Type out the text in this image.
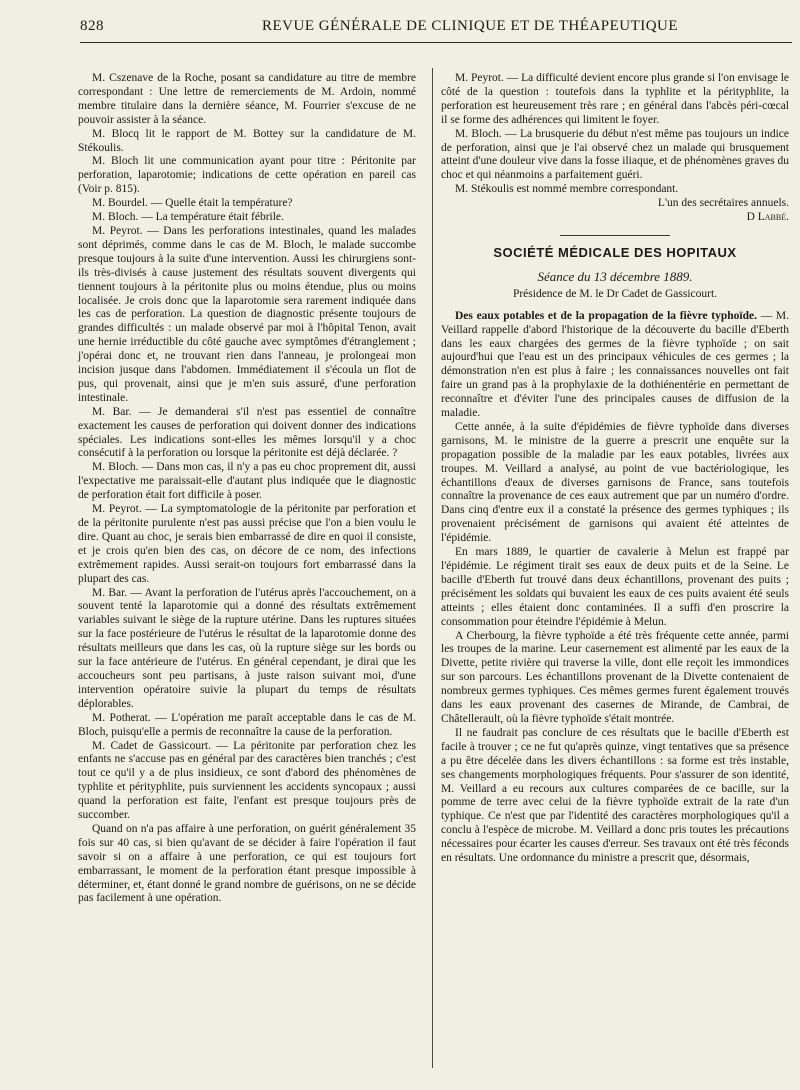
828	REVUE GÉNÉRALE DE CLINIQUE ET DE THÉAPEUTIQUE

M. Cszenave de la Roche, posant sa candidature au titre de membre correspondant : Une lettre de remerciements de M. Ardoin, nommé membre titulaire dans la dernière séance, M. Fourrier s'excuse de ne pouvoir assister à la séance.

M. Blocq lit le rapport de M. Bottey sur la candidature de M. Stékoulis.

M. Bloch lit une communication ayant pour titre : Péritonite par perforation, laparotomie; indications de cette opération en pareil cas (Voir p. 815).

M. Bourdel. — Quelle était la température?

M. Bloch. — La température était fébrile.

M. Peyrot. — Dans les perforations intestinales, quand les malades sont déprimés, comme dans le cas de M. Bloch, le malade succombe presque toujours à la suite d'une intervention. Aussi les chirurgiens sont-ils très-divisés à cause justement des résultats souvent divergents qui tiennent toujours à la péritonite plus ou moins étendue, plus ou moins localisée. Je crois donc que la laparotomie sera rarement indiquée dans les cas de perforation. La question de diagnostic présente toujours de grandes difficultés : un malade observé par moi à l'hôpital Tenon, avait une hernie irréductible du côté gauche avec symptômes d'étranglement ; j'opérai donc et, ne trouvant rien dans l'anneau, je prolongeai mon incision jusque dans l'abdomen. Immédiatement il s'écoula un flot de pus, qui provenait, ainsi que je m'en suis assuré, d'une perforation intestinale.

M. Bar. — Je demanderai s'il n'est pas essentiel de connaître exactement les causes de perforation qui doivent donner des indications spéciales. Les indications sont-elles les mêmes lorsqu'il y a choc consécutif à la perforation ou lorsque la péritonite est déjà déclarée. ?

M. Bloch. — Dans mon cas, il n'y a pas eu choc proprement dit, aussi l'expectative me paraissait-elle d'autant plus indiquée que le diagnostic de perforation était fort difficile à poser.

M. Peyrot. — La symptomatologie de la péritonite par perforation et de la péritonite purulente n'est pas aussi précise que l'on a bien voulu le dire. Quant au choc, je serais bien embarrassé de dire en quoi il consiste, et je crois qu'en bien des cas, on décore de ce nom, des infections extrêmement rapides. Aussi serait-on toujours fort embarrassé dans la plupart des cas.

M. Bar. — Avant la perforation de l'utérus après l'accouchement, on a souvent tenté la laparotomie qui a donné des résultats extrêmement variables suivant le siège de la rupture utérine. Dans les ruptures situées sur la face postérieure de l'utérus le résultat de la laparotomie donne des résultats meilleurs que dans les cas, où la rupture siège sur les bords ou sur la face antérieure de l'utérus. En général cependant, je dirai que les accoucheurs sont peu partisans, à juste raison suivant moi, d'une intervention opératoire suivie la plupart du temps de résultats déplorables.

M. Potherat. — L'opération me paraît acceptable dans le cas de M. Bloch, puisqu'elle a permis de reconnaître la cause de la perforation.

M. Cadet de Gassicourt. — La péritonite par perforation chez les enfants ne s'accuse pas en général par des caractères bien tranchés ; c'est tout ce qu'il y a de plus insidieux, ce sont d'abord des phénomènes de typhlite et pérityphlite, puis surviennent les accidents syncopaux ; aussi quand la perforation est faite, l'enfant est presque toujours près de succomber.

Quand on n'a pas affaire à une perforation, on guérit généralement 35 fois sur 40 cas, si bien qu'avant de se décider à faire l'opération il faut savoir si on a affaire à une perforation, ce qui est toujours fort embarrassant, le moment de la perforation étant presque impossible à déterminer, et, étant donné le grand nombre de guérisons, on ne se décide pas facilement à une opération.

M. Peyrot. — La difficulté devient encore plus grande si l'on envisage le côté de la question : toutefois dans la typhlite et la pérityphlite, la perforation est heureusement très rare ; en général dans l'abcès péri-cœcal il se forme des adhérences qui limitent le foyer.

M. Bloch. — La brusquerie du début n'est même pas toujours un indice de perforation, ainsi que je l'ai observé chez un malade qui brusquement atteint d'une douleur vive dans la fosse iliaque, et de phénomènes graves du choc et qui néanmoins a parfaitement guéri.

M. Stékoulis est nommé membre correspondant.

L'un des secrétaires annuels.

D Labbé.

SOCIÉTÉ MÉDICALE DES HOPITAUX
Séance du 13 décembre 1889.
Présidence de M. le Dr Cadet de Gassicourt.

Des eaux potables et de la propagation de la fièvre typhoïde. — M. Veillard rappelle d'abord l'historique de la découverte du bacille d'Eberth dans les eaux chargées des germes de la fièvre typhoïde ; on sait aujourd'hui que l'eau est un des principaux véhicules de ces germes ; la démonstration n'en est plus à faire ; les connaissances nouvelles ont fait faire un grand pas à la prophylaxie de la dothiénentérie en permettant de reconnaître et d'éviter l'une des principales causes de diffusion de la maladie.

Cette année, à la suite d'épidémies de fièvre typhoïde dans diverses garnisons, M. le ministre de la guerre a prescrit une enquête sur la propagation possible de la maladie par les eaux potables, livrées aux troupes. M. Veillard a analysé, au point de vue bactériologique, les échantillons d'eaux de diverses garnisons de France, sans toutefois connaître la provenance de ces eaux autrement que par un numéro d'ordre. Dans cinq d'entre eux il a constaté la présence des germes typhiques ; ils provenaient précisément de garnisons qui avaient été atteintes de l'épidémie.

En mars 1889, le quartier de cavalerie à Melun est frappé par l'épidémie. Le régiment tirait ses eaux de deux puits et de la Seine. Le bacille d'Eberth fut trouvé dans deux échantillons, provenant des puits ; précisément les soldats qui buvaient les eaux de ces puits avaient été seuls atteints ; elles étaient donc contaminées. Il a suffi d'en proscrire la consommation pour éteindre l'épidémie à Melun.

A Cherbourg, la fièvre typhoïde a été très fréquente cette année, parmi les troupes de la marine. Leur casernement est alimenté par les eaux de la Divette, petite rivière qui traverse la ville, dont elle reçoit les immondices sur son parcours. Les échantillons provenant de la Divette contenaient de nombreux germes typhiques. Ces mêmes germes furent également trouvés dans les eaux provenant des casernes de Mirande, de Cambrai, de Châtellerault, où la fièvre typhoïde s'était montrée.

Il ne faudrait pas conclure de ces résultats que le bacille d'Eberth est facile à trouver ; ce ne fut qu'après quinze, vingt tentatives que sa présence a pu être décelée dans les divers échantillons : sa forme est très instable, ses changements morphologiques fréquents. Pour s'assurer de son identité, M. Veillard a eu recours aux cultures comparées de ce bacille, sur la pomme de terre avec celui de la fièvre typhoïde extrait de la rate d'un typhique. Ce n'est que par l'identité des caractères morphologiques qu'il a conclu à l'espèce de microbe. M. Veillard a donc pris toutes les précautions nécessaires pour écarter les causes d'erreur. Ses travaux ont été très féconds en résultats. Une ordonnance du ministre a prescrit que, désormais,
